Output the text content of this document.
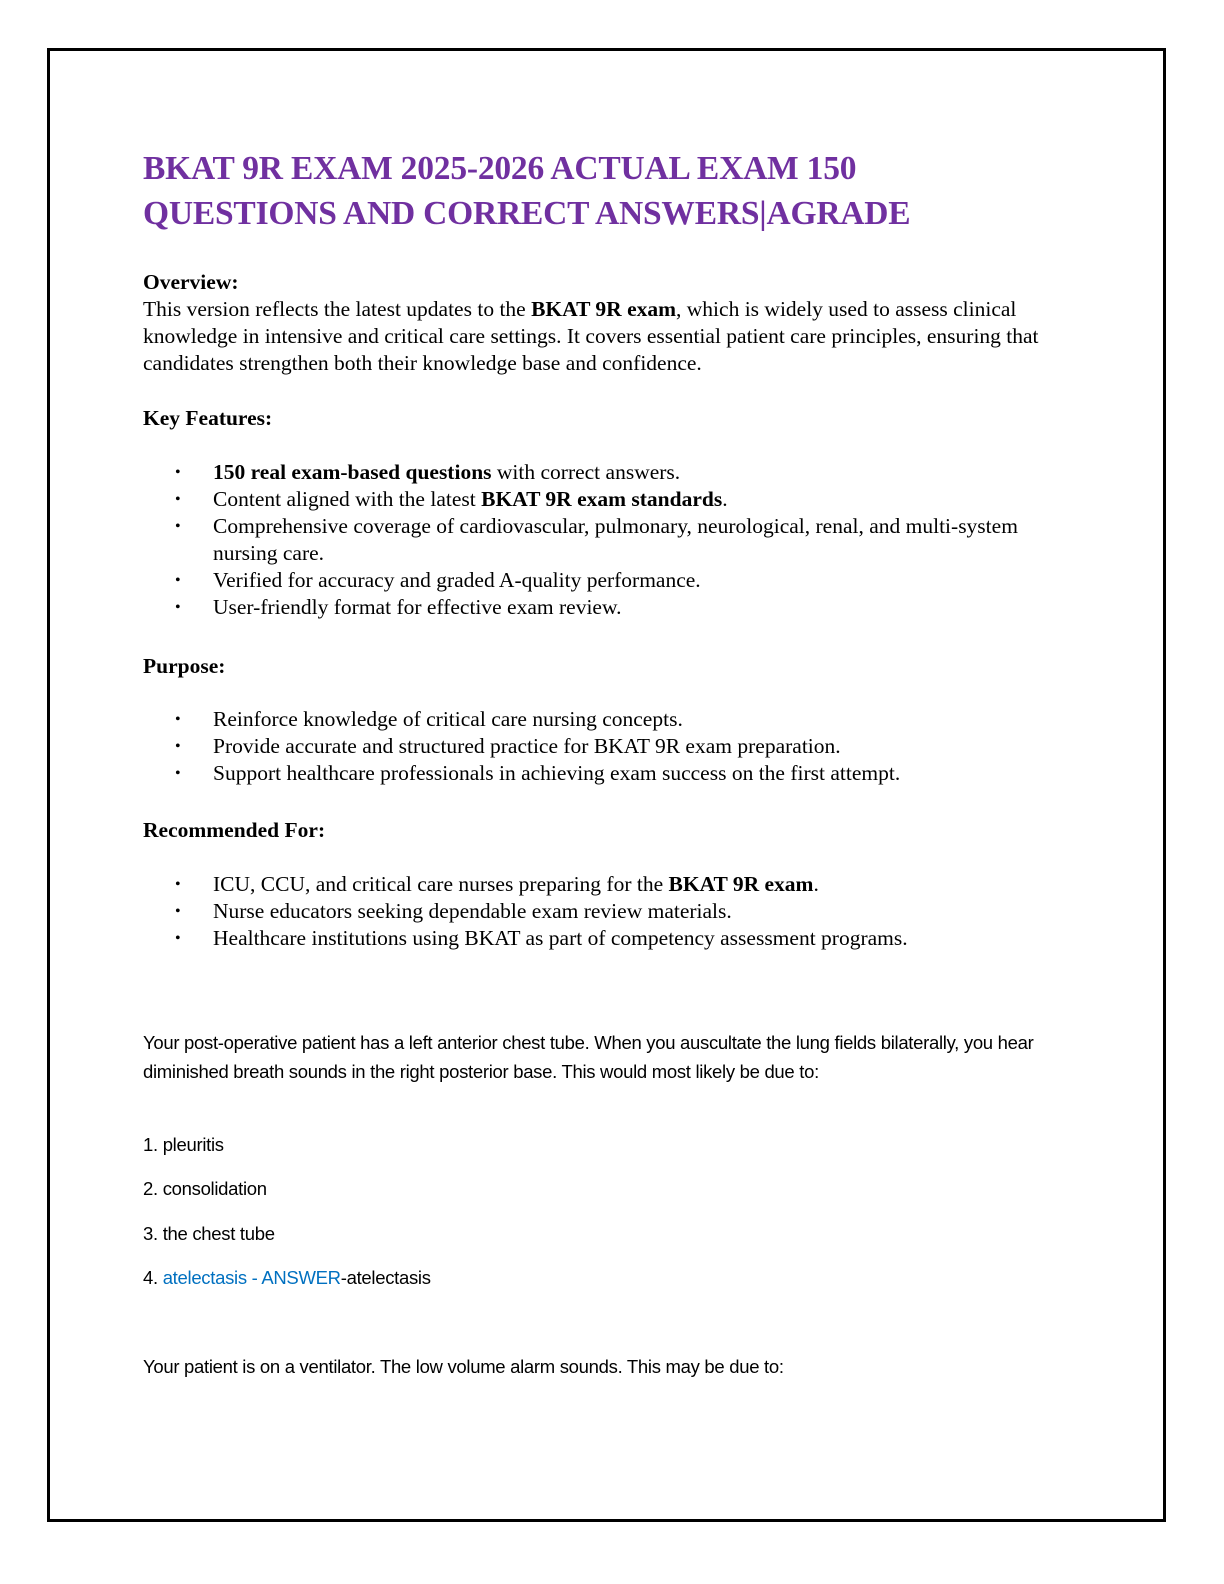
BKAT 9R EXAM 2025-2026 ACTUAL EXAM 150 QUESTIONS AND CORRECT ANSWERS|AGRADE

Overview:

This version reflects the latest updates to the BKAT 9R exam, which is widely used to assess clinical knowledge in intensive and critical care settings. It covers essential patient care principles, ensuring that candidates strengthen both their knowledge base and confidence.

Key Features:

• 150 real exam-based questions with correct answers.
• Content aligned with the latest BKAT 9R exam standards.
• Comprehensive coverage of cardiovascular, pulmonary, neurological, renal, and multi-system nursing care.
• Verified for accuracy and graded A-quality performance.
• User-friendly format for effective exam review.

Purpose:

• Reinforce knowledge of critical care nursing concepts.
• Provide accurate and structured practice for BKAT 9R exam preparation.
• Support healthcare professionals in achieving exam success on the first attempt.

Recommended For:

• ICU, CCU, and critical care nurses preparing for the BKAT 9R exam.
• Nurse educators seeking dependable exam review materials.
• Healthcare institutions using BKAT as part of competency assessment programs.

Your post-operative patient has a left anterior chest tube. When you auscultate the lung fields bilaterally, you hear diminished breath sounds in the right posterior base. This would most likely be due to:

1. pleuritis

2. consolidation

3. the chest tube

4. atelectasis - ANSWER-atelectasis

Your patient is on a ventilator. The low volume alarm sounds. This may be due to:
